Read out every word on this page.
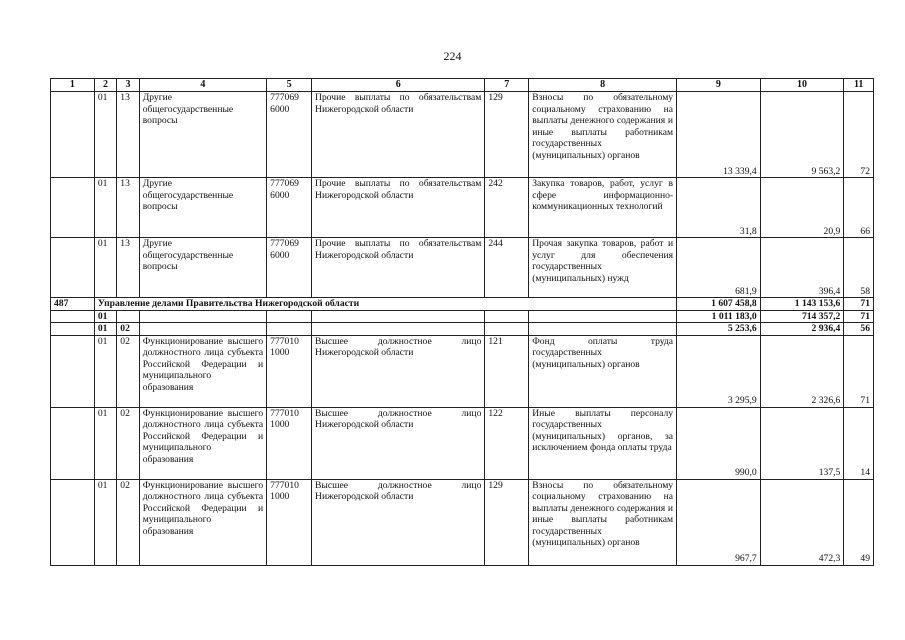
224
1	2	3	4	5	6	7	8	9	10	11

	01	13	Другие
общегосударственные
вопросы	777069
6000	Прочие выплаты по обязательствам Нижегородской области	129	Взносы по обязательному социальному страхованию на выплаты денежного содержания и иные выплаты работникам государственных (муниципальных) органов	13 339,4	9 563,2	72

	01	13	Другие
общегосударственные
вопросы	777069
6000	Прочие выплаты по обязательствам Нижегородской области	242	Закупка товаров, работ, услуг в сфере информационно-коммуникационных технологий	31,8	20,9	66

	01	13	Другие
общегосударственные
вопросы	777069
6000	Прочие выплаты по обязательствам Нижегородской области	244	Прочая закупка товаров, работ и услуг для обеспечения государственных (муниципальных) нужд	681,9	396,4	58

487	Управление делами Правительства Нижегородской области							1 607 458,8	1 143 153,6	71

	01							1 011 183,0	714 357,2	71

	01	02						5 253,6	2 936,4	56

	01	02	Функционирование высшего должностного лица субъекта Российской Федерации и муниципального образования	777010
1000	Высшее должностное лицо Нижегородской области	121	Фонд оплаты труда государственных (муниципальных) органов	3 295,9	2 326,6	71

	01	02	Функционирование высшего должностного лица субъекта Российской Федерации и муниципального образования	777010
1000	Высшее должностное лицо Нижегородской области	122	Иные выплаты персоналу государственных (муниципальных) органов, за исключением фонда оплаты труда	990,0	137,5	14

	01	02	Функционирование высшего должностного лица субъекта Российской Федерации и муниципального образования	777010
1000	Высшее должностное лицо Нижегородской области	129	Взносы по обязательному социальному страхованию на выплаты денежного содержания и иные выплаты работникам государственных (муниципальных) органов	967,7	472,3	49
